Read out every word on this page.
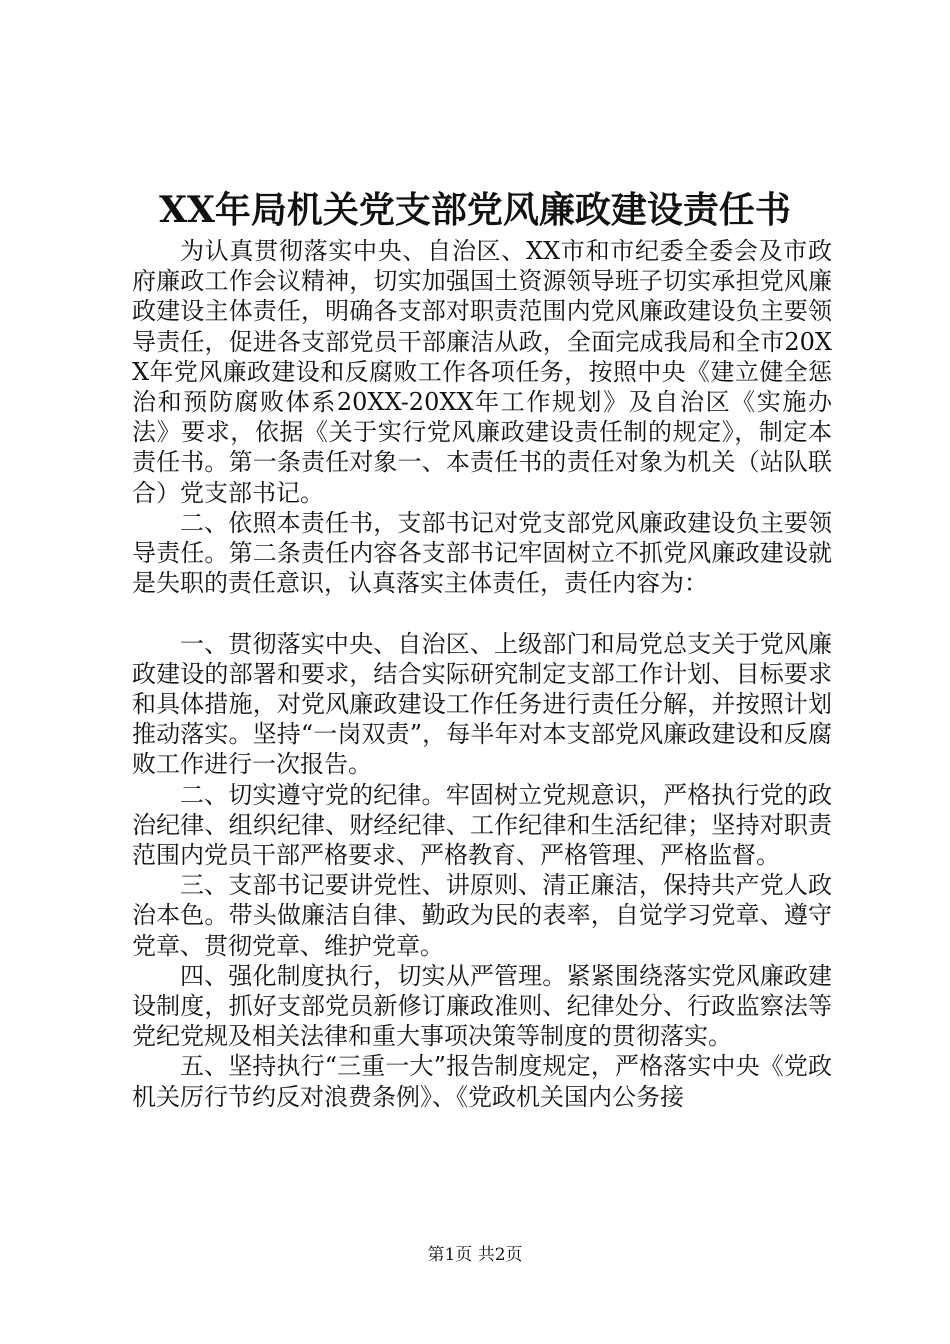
XX年局机关党支部党风廉政建设责任书

为认真贯彻落实中央、自治区、XX市和市纪委全委会及市政府廉政工作会议精神，切实加强国土资源领导班子切实承担党风廉政建设主体责任，明确各支部对职责范围内党风廉政建设负主要领导责任，促进各支部党员干部廉洁从政，全面完成我局和全市20XX年党风廉政建设和反腐败工作各项任务，按照中央《建立健全惩治和预防腐败体系20XX-20XX年工作规划》及自治区《实施办法》要求，依据《关于实行党风廉政建设责任制的规定》，制定本责任书。第一条责任对象一、本责任书的责任对象为机关（站队联合）党支部书记。

二、依照本责任书，支部书记对党支部党风廉政建设负主要领导责任。第二条责任内容各支部书记牢固树立不抓党风廉政建设就是失职的责任意识，认真落实主体责任，责任内容为：

一、贯彻落实中央、自治区、上级部门和局党总支关于党风廉政建设的部署和要求，结合实际研究制定支部工作计划、目标要求和具体措施，对党风廉政建设工作任务进行责任分解，并按照计划推动落实。坚持“一岗双责”，每半年对本支部党风廉政建设和反腐败工作进行一次报告。

二、切实遵守党的纪律。牢固树立党规意识，严格执行党的政治纪律、组织纪律、财经纪律、工作纪律和生活纪律；坚持对职责范围内党员干部严格要求、严格教育、严格管理、严格监督。

三、支部书记要讲党性、讲原则、清正廉洁，保持共产党人政治本色。带头做廉洁自律、勤政为民的表率，自觉学习党章、遵守党章、贯彻党章、维护党章。

四、强化制度执行，切实从严管理。紧紧围绕落实党风廉政建设制度，抓好支部党员新修订廉政准则、纪律处分、行政监察法等党纪党规及相关法律和重大事项决策等制度的贯彻落实。

五、坚持执行“三重一大”报告制度规定，严格落实中央《党政机关厉行节约反对浪费条例》、《党政机关国内公务接

第1页 共2页
